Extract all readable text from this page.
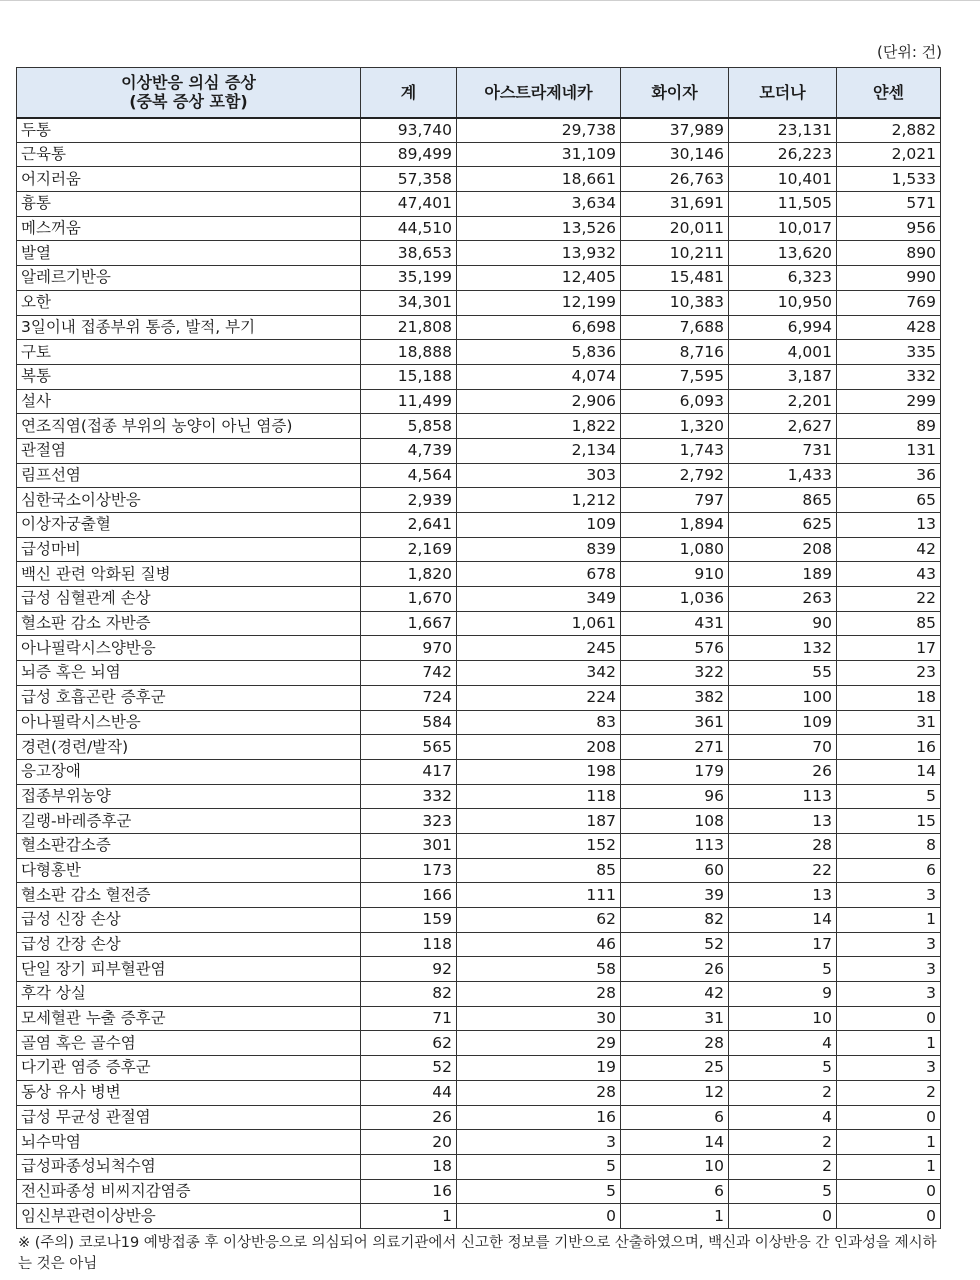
(단위: 건)
이상반응 의심 증상
(중복 증상 포함)	계	아스트라제네카	화이자	모더나	얀센
두통	93,740	29,738	37,989	23,131	2,882
근육통	89,499	31,109	30,146	26,223	2,021
어지러움	57,358	18,661	26,763	10,401	1,533
흉통	47,401	3,634	31,691	11,505	571
메스꺼움	44,510	13,526	20,011	10,017	956
발열	38,653	13,932	10,211	13,620	890
알레르기반응	35,199	12,405	15,481	6,323	990
오한	34,301	12,199	10,383	10,950	769
3일이내 접종부위 통증, 발적, 부기	21,808	6,698	7,688	6,994	428
구토	18,888	5,836	8,716	4,001	335
복통	15,188	4,074	7,595	3,187	332
설사	11,499	2,906	6,093	2,201	299
연조직염(접종 부위의 농양이 아닌 염증)	5,858	1,822	1,320	2,627	89
관절염	4,739	2,134	1,743	731	131
림프선염	4,564	303	2,792	1,433	36
심한국소이상반응	2,939	1,212	797	865	65
이상자궁출혈	2,641	109	1,894	625	13
급성마비	2,169	839	1,080	208	42
백신 관련 악화된 질병	1,820	678	910	189	43
급성 심혈관계 손상	1,670	349	1,036	263	22
혈소판 감소 자반증	1,667	1,061	431	90	85
아나필락시스양반응	970	245	576	132	17
뇌증 혹은 뇌염	742	342	322	55	23
급성 호흡곤란 증후군	724	224	382	100	18
아나필락시스반응	584	83	361	109	31
경련(경련/발작)	565	208	271	70	16
응고장애	417	198	179	26	14
접종부위농양	332	118	96	113	5
길랭-바레증후군	323	187	108	13	15
혈소판감소증	301	152	113	28	8
다형홍반	173	85	60	22	6
혈소판 감소 혈전증	166	111	39	13	3
급성 신장 손상	159	62	82	14	1
급성 간장 손상	118	46	52	17	3
단일 장기 피부혈관염	92	58	26	5	3
후각 상실	82	28	42	9	3
모세혈관 누출 증후군	71	30	31	10	0
골염 혹은 골수염	62	29	28	4	1
다기관 염증 증후군	52	19	25	5	3
동상 유사 병변	44	28	12	2	2
급성 무균성 관절염	26	16	6	4	0
뇌수막염	20	3	14	2	1
급성파종성뇌척수염	18	5	10	2	1
전신파종성 비씨지감염증	16	5	6	5	0
임신부관련이상반응	1	0	1	0	0
※ (주의) 코로나19 예방접종 후 이상반응으로 의심되어 의료기관에서 신고한 정보를 기반으로 산출하였으며, 백신과 이상반응 간 인과성을 제시하는 것은 아님
